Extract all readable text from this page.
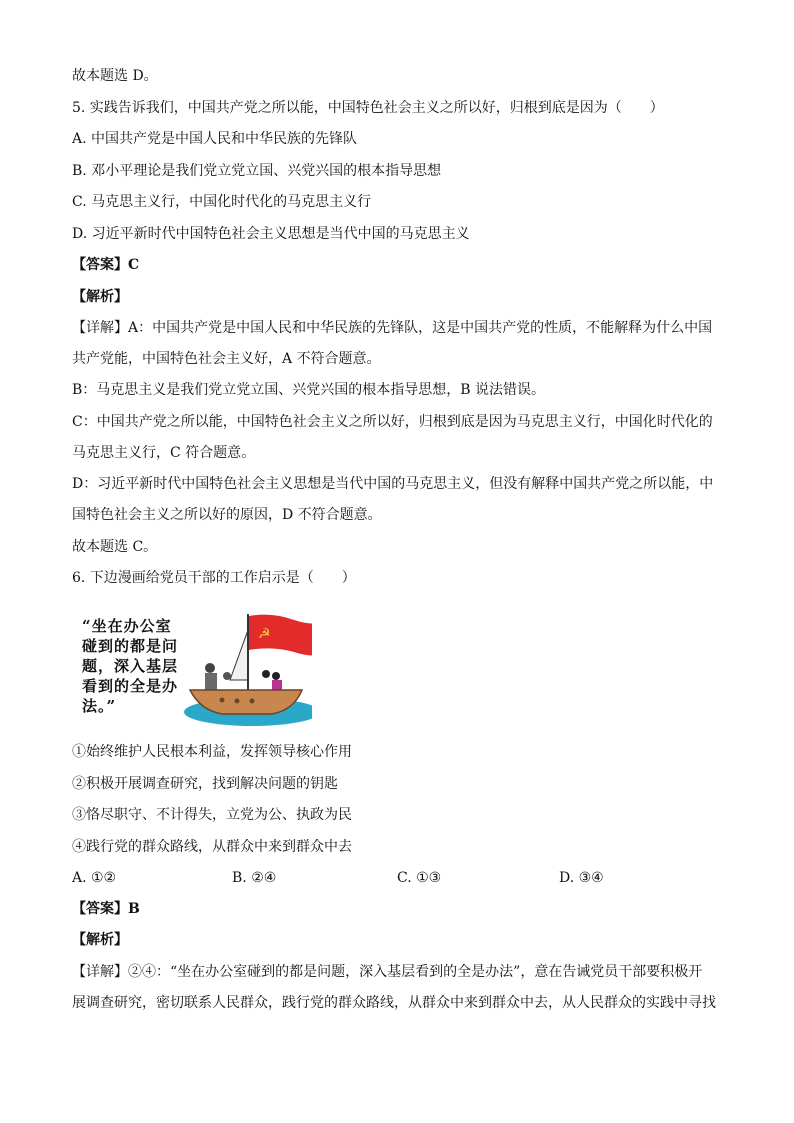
故本题选 D。
5. 实践告诉我们，中国共产党之所以能，中国特色社会主义之所以好，归根到底是因为（　　）
A. 中国共产党是中国人民和中华民族的先锋队
B. 邓小平理论是我们党立党立国、兴党兴国的根本指导思想
C. 马克思主义行，中国化时代化的马克思主义行
D. 习近平新时代中国特色社会主义思想是当代中国的马克思主义
【答案】C
【解析】
【详解】A：中国共产党是中国人民和中华民族的先锋队，这是中国共产党的性质，不能解释为什么中国
共产党能，中国特色社会主义好，A 不符合题意。
B：马克思主义是我们党立党立国、兴党兴国的根本指导思想，B 说法错误。
C：中国共产党之所以能，中国特色社会主义之所以好，归根到底是因为马克思主义行，中国化时代化的
马克思主义行，C 符合题意。
D：习近平新时代中国特色社会主义思想是当代中国的马克思主义，但没有解释中国共产党之所以能，中
国特色社会主义之所以好的原因，D 不符合题意。
故本题选 C。
6. 下边漫画给党员干部的工作启示是（　　）
“坐在办公室
碰到的都是问
题，深入基层
看到的全是办
法。”
☭
①始终维护人民根本利益，发挥领导核心作用
②积极开展调查研究，找到解决问题的钥匙
③恪尽职守、不计得失，立党为公、执政为民
④践行党的群众路线，从群众中来到群众中去
A. ①②	B. ②④	C. ①③	D. ③④
【答案】B
【解析】
【详解】②④：“坐在办公室碰到的都是问题，深入基层看到的全是办法”，意在告诫党员干部要积极开
展调查研究，密切联系人民群众，践行党的群众路线，从群众中来到群众中去，从人民群众的实践中寻找
